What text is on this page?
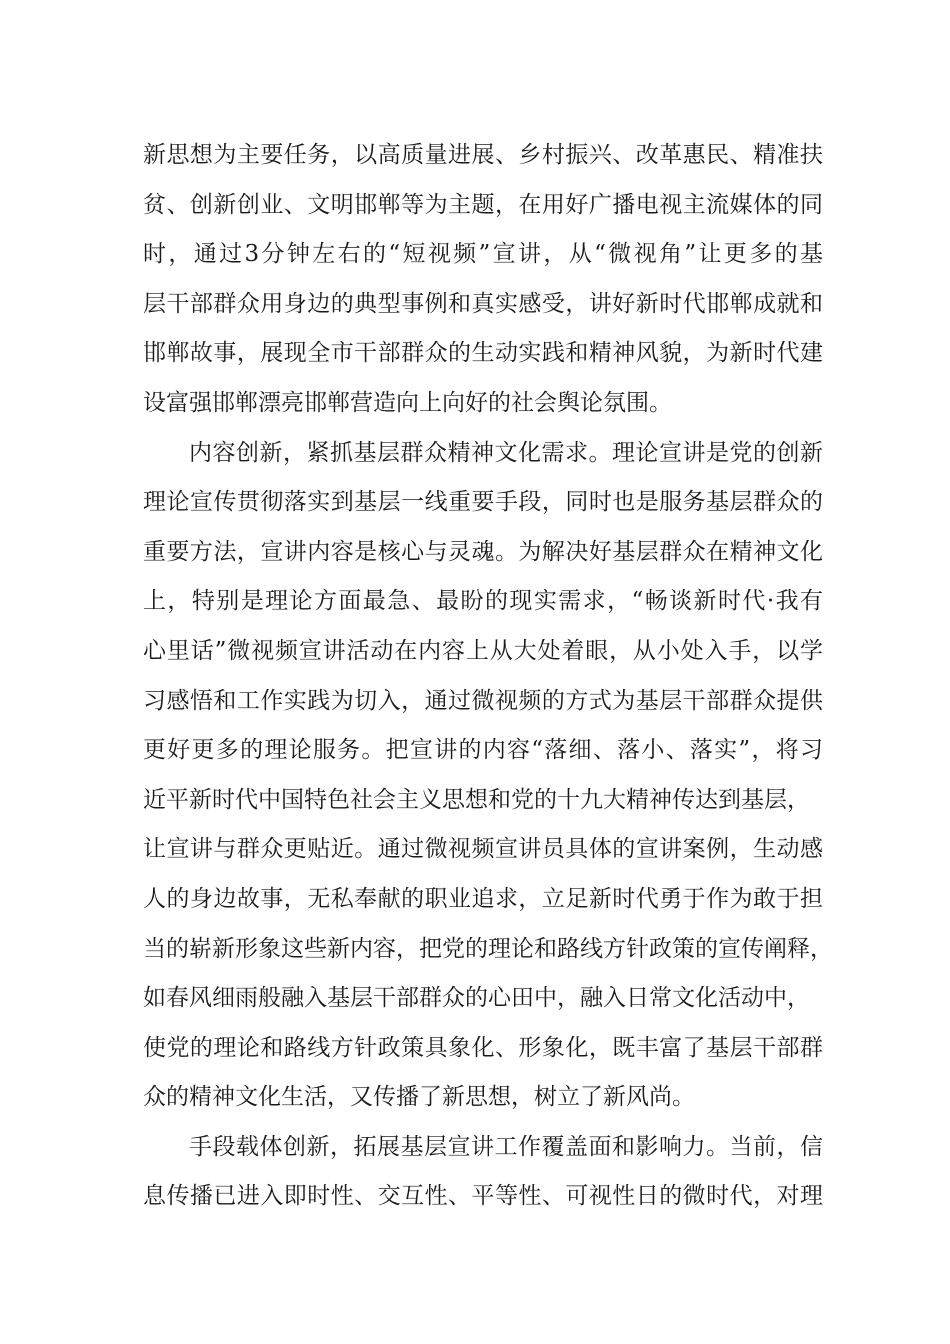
新思想为主要任务，以高质量进展、乡村振兴、改革惠民、精准扶
贫、创新创业、文明邯郸等为主题，在用好广播电视主流媒体的同
时，通过3分钟左右的“短视频”宣讲，从“微视角”让更多的基
层干部群众用身边的典型事例和真实感受，讲好新时代邯郸成就和
邯郸故事，展现全市干部群众的生动实践和精神风貌，为新时代建
设富强邯郸漂亮邯郸营造向上向好的社会舆论氛围。
内容创新，紧抓基层群众精神文化需求。理论宣讲是党的创新
理论宣传贯彻落实到基层一线重要手段，同时也是服务基层群众的
重要方法，宣讲内容是核心与灵魂。为解决好基层群众在精神文化
上，特别是理论方面最急、最盼的现实需求，“畅谈新时代·我有
心里话”微视频宣讲活动在内容上从大处着眼，从小处入手，以学
习感悟和工作实践为切入，通过微视频的方式为基层干部群众提供
更好更多的理论服务。把宣讲的内容“落细、落小、落实”，将习
近平新时代中国特色社会主义思想和党的十九大精神传达到基层，
让宣讲与群众更贴近。通过微视频宣讲员具体的宣讲案例，生动感
人的身边故事，无私奉献的职业追求，立足新时代勇于作为敢于担
当的崭新形象这些新内容，把党的理论和路线方针政策的宣传阐释，
如春风细雨般融入基层干部群众的心田中，融入日常文化活动中，
使党的理论和路线方针政策具象化、形象化，既丰富了基层干部群
众的精神文化生活，又传播了新思想，树立了新风尚。
手段载体创新，拓展基层宣讲工作覆盖面和影响力。当前，信
息传播已进入即时性、交互性、平等性、可视性日的微时代，对理
